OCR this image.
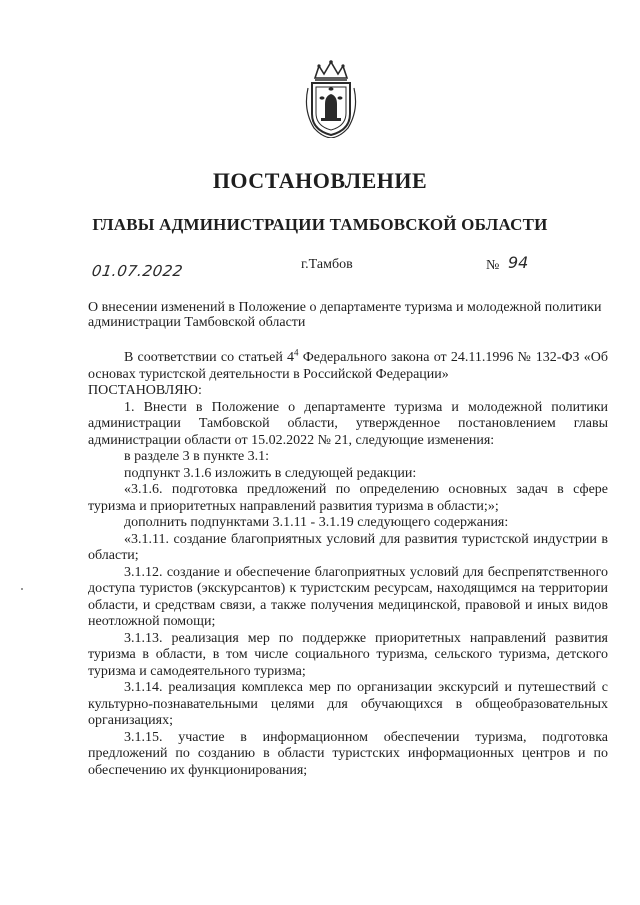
ПОСТАНОВЛЕНИЕ
ГЛАВЫ АДМИНИСТРАЦИИ ТАМБОВСКОЙ ОБЛАСТИ
01.07.2022	г.Тамбов	№ 94
О внесении изменений в Положение о департаменте туризма и молодежной политики администрации Тамбовской области

В соответствии со статьей $4^4$ Федерального закона от 24.11.1996 № 132-ФЗ «Об основах туристской деятельности в Российской Федерации»

ПОСТАНОВЛЯЮ:

1. Внести в Положение о департаменте туризма и молодежной политики администрации Тамбовской области, утвержденное постановлением главы администрации области от 15.02.2022 № 21, следующие изменения:

в разделе 3 в пункте 3.1:

подпункт 3.1.6 изложить в следующей редакции:

«3.1.6. подготовка предложений по определению основных задач в сфере туризма и приоритетных направлений развития туризма в области;»;

дополнить подпунктами 3.1.11 - 3.1.19 следующего содержания:

«3.1.11. создание благоприятных условий для развития туристской индустрии в области;

3.1.12. создание и обеспечение благоприятных условий для беспрепятственного доступа туристов (экскурсантов) к туристским ресурсам, находящимся на территории области, и средствам связи, а также получения медицинской, правовой и иных видов неотложной помощи;

3.1.13. реализация мер по поддержке приоритетных направлений развития туризма в области, в том числе социального туризма, сельского туризма, детского туризма и самодеятельного туризма;

3.1.14. реализация комплекса мер по организации экскурсий и путешествий с культурно-познавательными целями для обучающихся в общеобразовательных организациях;

3.1.15. участие в информационном обеспечении туризма, подготовка предложений по созданию в области туристских информационных центров и по обеспечению их функционирования;
